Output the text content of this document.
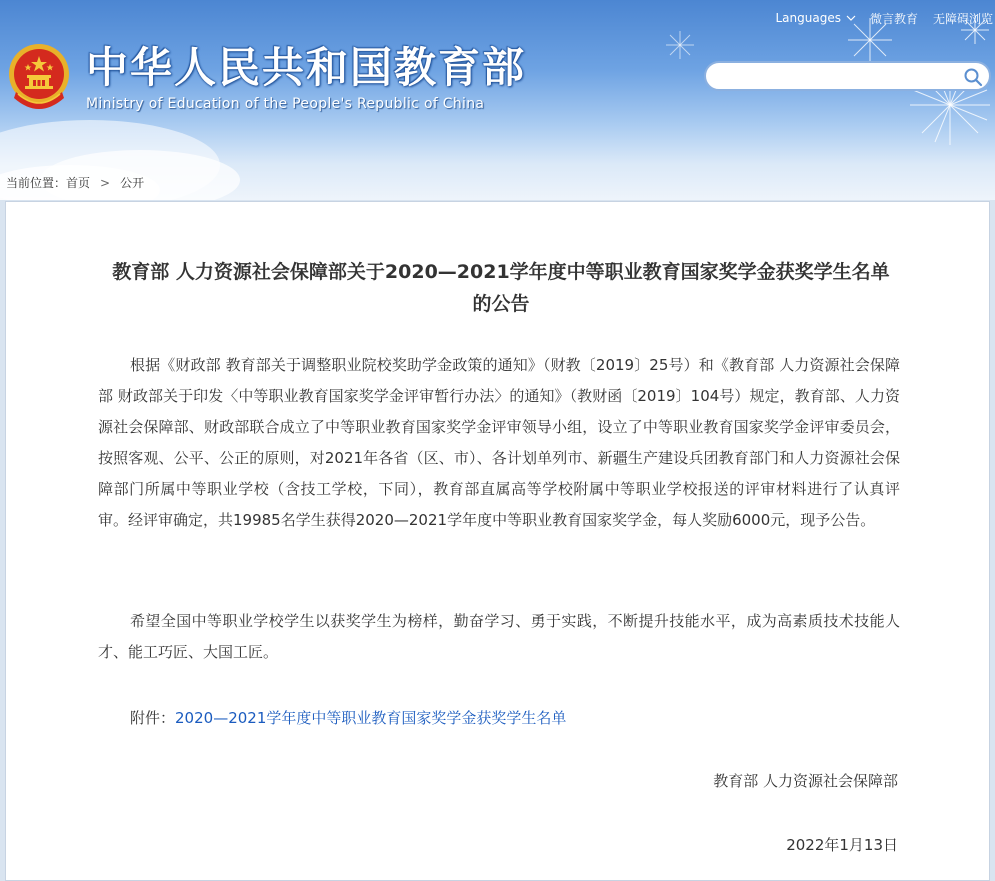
中华人民共和国教育部
Ministry of Education of the People's Republic of China
Languages 微言教育 无障碍浏览
当前位置： 首页 > 公开
教育部 人力资源社会保障部关于2020—2021学年度中等职业教育国家奖学金获奖学生名单的公告

根据《财政部 教育部关于调整职业院校奖助学金政策的通知》（财教〔2019〕25号）和《教育部 人力资源社会保障部 财政部关于印发〈中等职业教育国家奖学金评审暂行办法〉的通知》（教财函〔2019〕104号）规定，教育部、人力资源社会保障部、财政部联合成立了中等职业教育国家奖学金评审领导小组，设立了中等职业教育国家奖学金评审委员会，按照客观、公平、公正的原则，对2021年各省（区、市）、各计划单列市、新疆生产建设兵团教育部门和人力资源社会保障部门所属中等职业学校（含技工学校，下同），教育部直属高等学校附属中等职业学校报送的评审材料进行了认真评审。经评审确定，共19985名学生获得2020—2021学年度中等职业教育国家奖学金，每人奖励6000元，现予公告。

希望全国中等职业学校学生以获奖学生为榜样，勤奋学习、勇于实践，不断提升技能水平，成为高素质技术技能人才、能工巧匠、大国工匠。

附件：2020—2021学年度中等职业教育国家奖学金获奖学生名单
教育部 人力资源社会保障部
2022年1月13日
